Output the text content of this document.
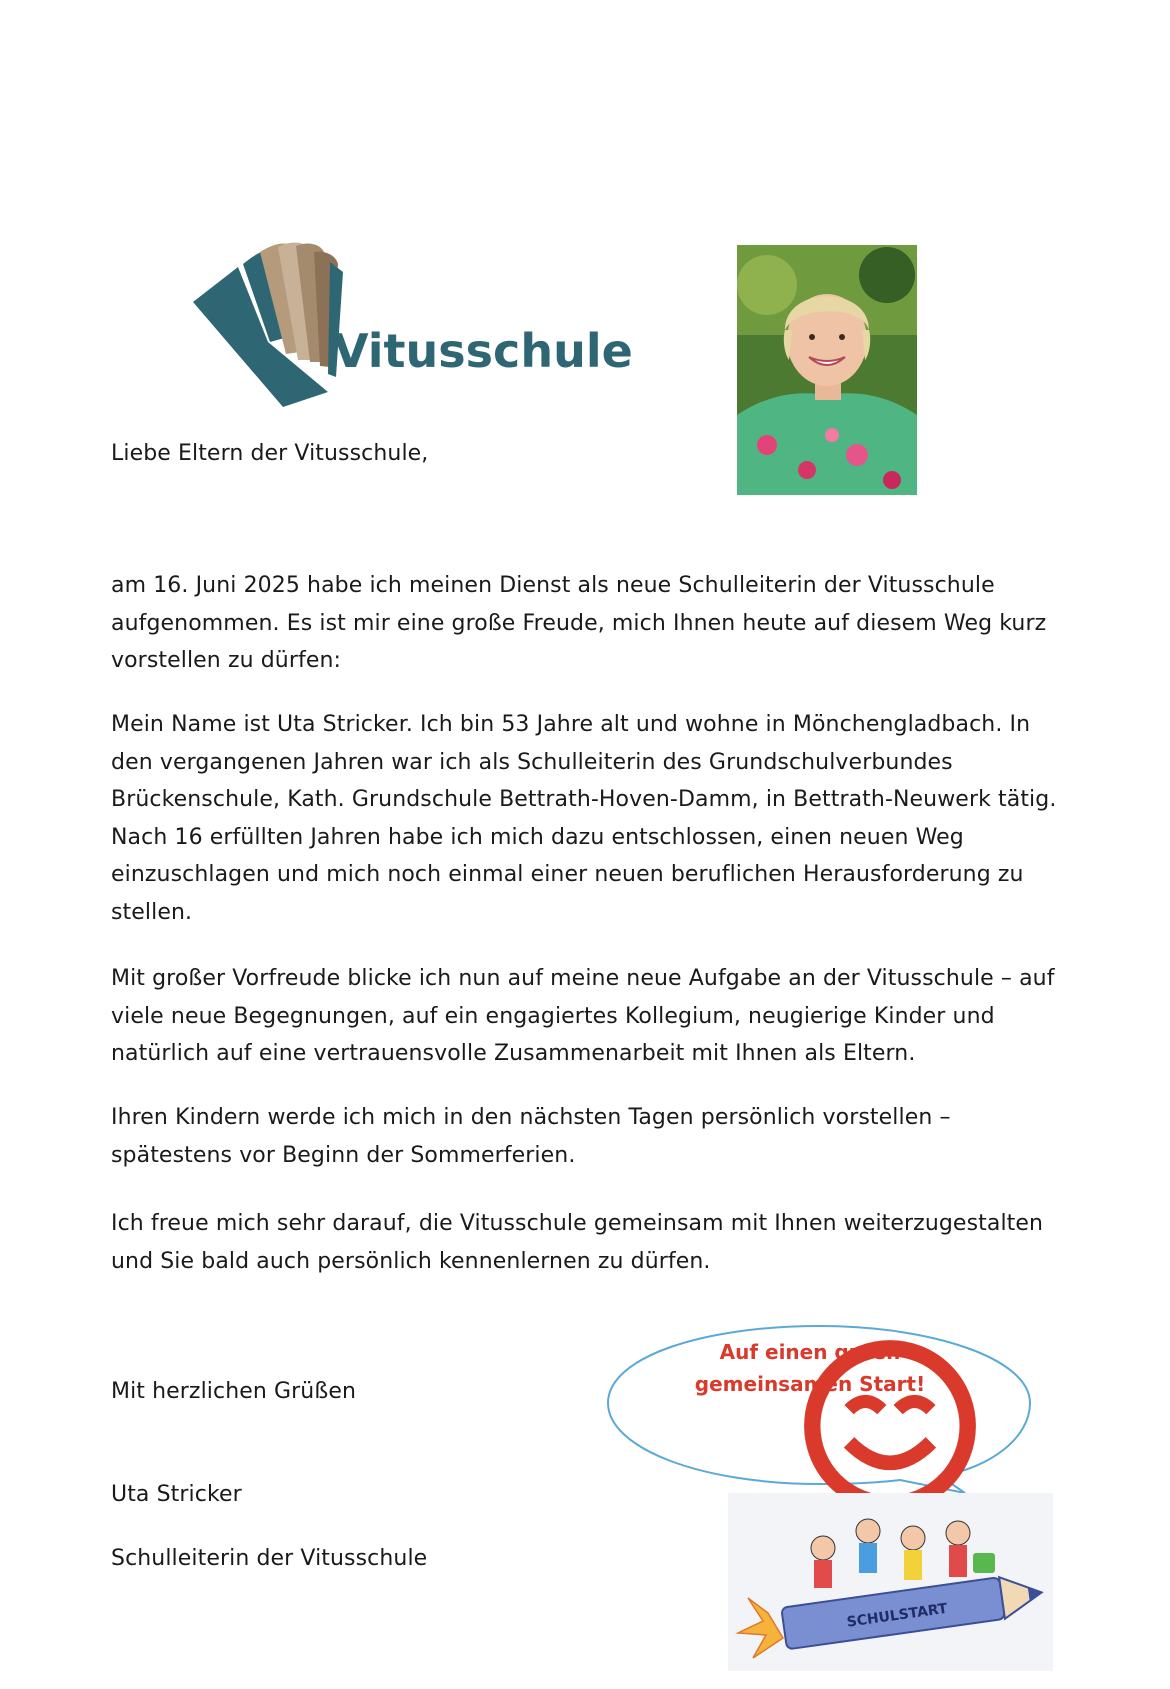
Vitusschule
Liebe Eltern der Vitusschule,

am 16. Juni 2025 habe ich meinen Dienst als neue Schulleiterin der Vitusschule aufgenommen. Es ist mir eine große Freude, mich Ihnen heute auf diesem Weg kurz vorstellen zu dürfen:

Mein Name ist Uta Stricker. Ich bin 53 Jahre alt und wohne in Mönchengladbach. In den vergangenen Jahren war ich als Schulleiterin des Grundschulverbundes Brückenschule, Kath. Grundschule Bettrath-Hoven-Damm, in Bettrath-Neuwerk tätig. Nach 16 erfüllten Jahren habe ich mich dazu entschlossen, einen neuen Weg einzuschlagen und mich noch einmal einer neuen beruflichen Herausforderung zu stellen.

Mit großer Vorfreude blicke ich nun auf meine neue Aufgabe an der Vitusschule – auf viele neue Begegnungen, auf ein engagiertes Kollegium, neugierige Kinder und natürlich auf eine vertrauensvolle Zusammenarbeit mit Ihnen als Eltern.

Ihren Kindern werde ich mich in den nächsten Tagen persönlich vorstellen – spätestens vor Beginn der Sommerferien.

Ich freue mich sehr darauf, die Vitusschule gemeinsam mit Ihnen weiterzugestalten und Sie bald auch persönlich kennenlernen zu dürfen.

Mit herzlichen Grüßen
Uta Stricker
Schulleiterin der Vitusschule
Auf einen guten
gemeinsamen Start!
SCHULSTART
